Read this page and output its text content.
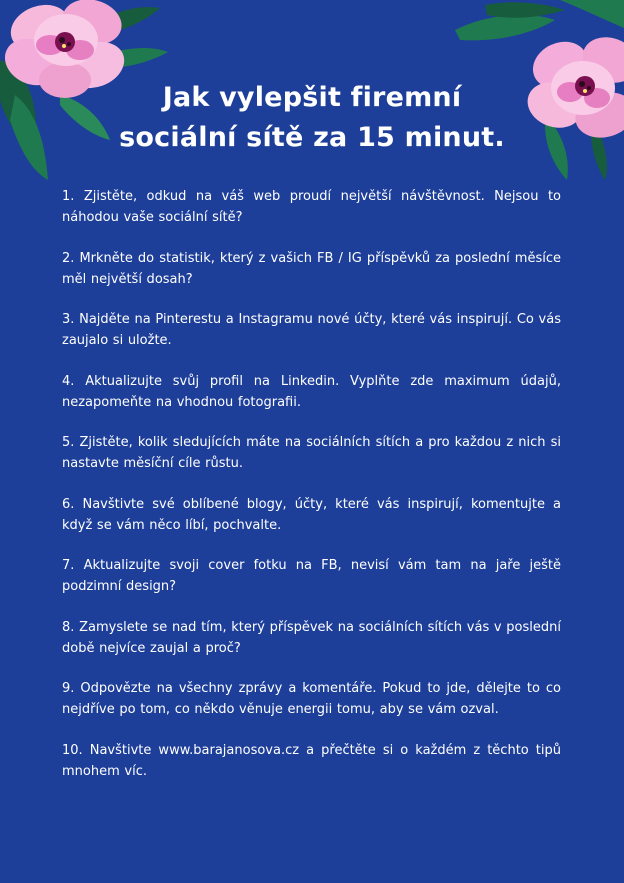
Jak vylepšit firemní
sociální sítě za 15 minut.
1. Zjistěte, odkud na váš web proudí největší návštěvnost. Nejsou to náhodou vaše sociální sítě?
2. Mrkněte do statistik, který z vašich FB / IG příspěvků za poslední měsíce měl největší dosah?
3. Najděte na Pinterestu a Instagramu nové účty, které vás inspirují. Co vás zaujalo si uložte.
4. Aktualizujte svůj profil na Linkedin. Vyplňte zde maximum údajů, nezapomeňte na vhodnou fotografii.
5. Zjistěte, kolik sledujících máte na sociálních sítích a pro každou z nich si nastavte měsíční cíle růstu.
6. Navštivte své oblíbené blogy, účty, které vás inspirují, komentujte a když se vám něco líbí, pochvalte.
7. Aktualizujte svoji cover fotku na FB, nevisí vám tam na jaře ještě podzimní design?
8. Zamyslete se nad tím, který příspěvek na sociálních sítích vás v poslední době nejvíce zaujal a proč?
9. Odpovězte na všechny zprávy a komentáře. Pokud to jde, dělejte to co nejdříve po tom, co někdo věnuje energii tomu, aby se vám ozval.
10. Navštivte www.barajanosova.cz a přečtěte si o každém z těchto tipů mnohem víc.
